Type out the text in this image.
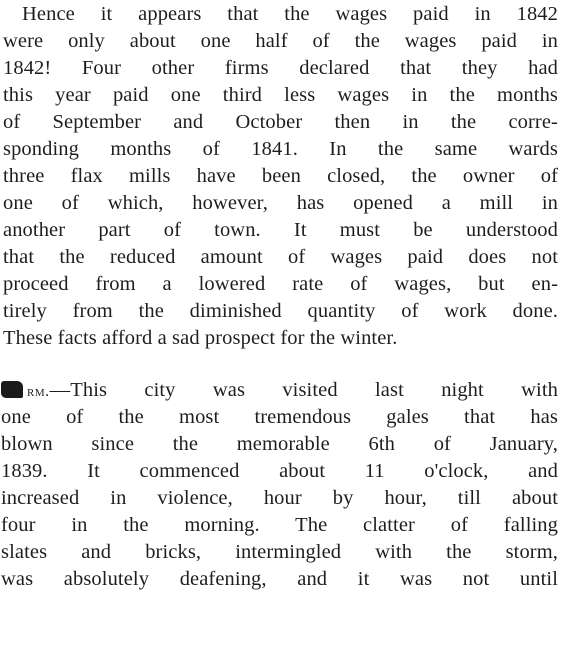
Hence it appears that the wages paid in 1842
were only about one half of the wages paid in
1842! Four other firms declared that they had
this year paid one third less wages in the months
of September and October then in the corre-
sponding months of 1841. In the same wards
three flax mills have been closed, the owner of
one of which, however, has opened a mill in
another part of town. It must be understood
that the reduced amount of wages paid does not
proceed from a lowered rate of wages, but en-
tirely from the diminished quantity of work done.
These facts afford a sad prospect for the winter.
rm.—This city was visited last night with
one of the most tremendous gales that has
blown since the memorable 6th of January,
1839. It commenced about 11 o'clock, and
increased in violence, hour by hour, till about
four in the morning. The clatter of falling
slates and bricks, intermingled with the storm,
was absolutely deafening, and it was not until
